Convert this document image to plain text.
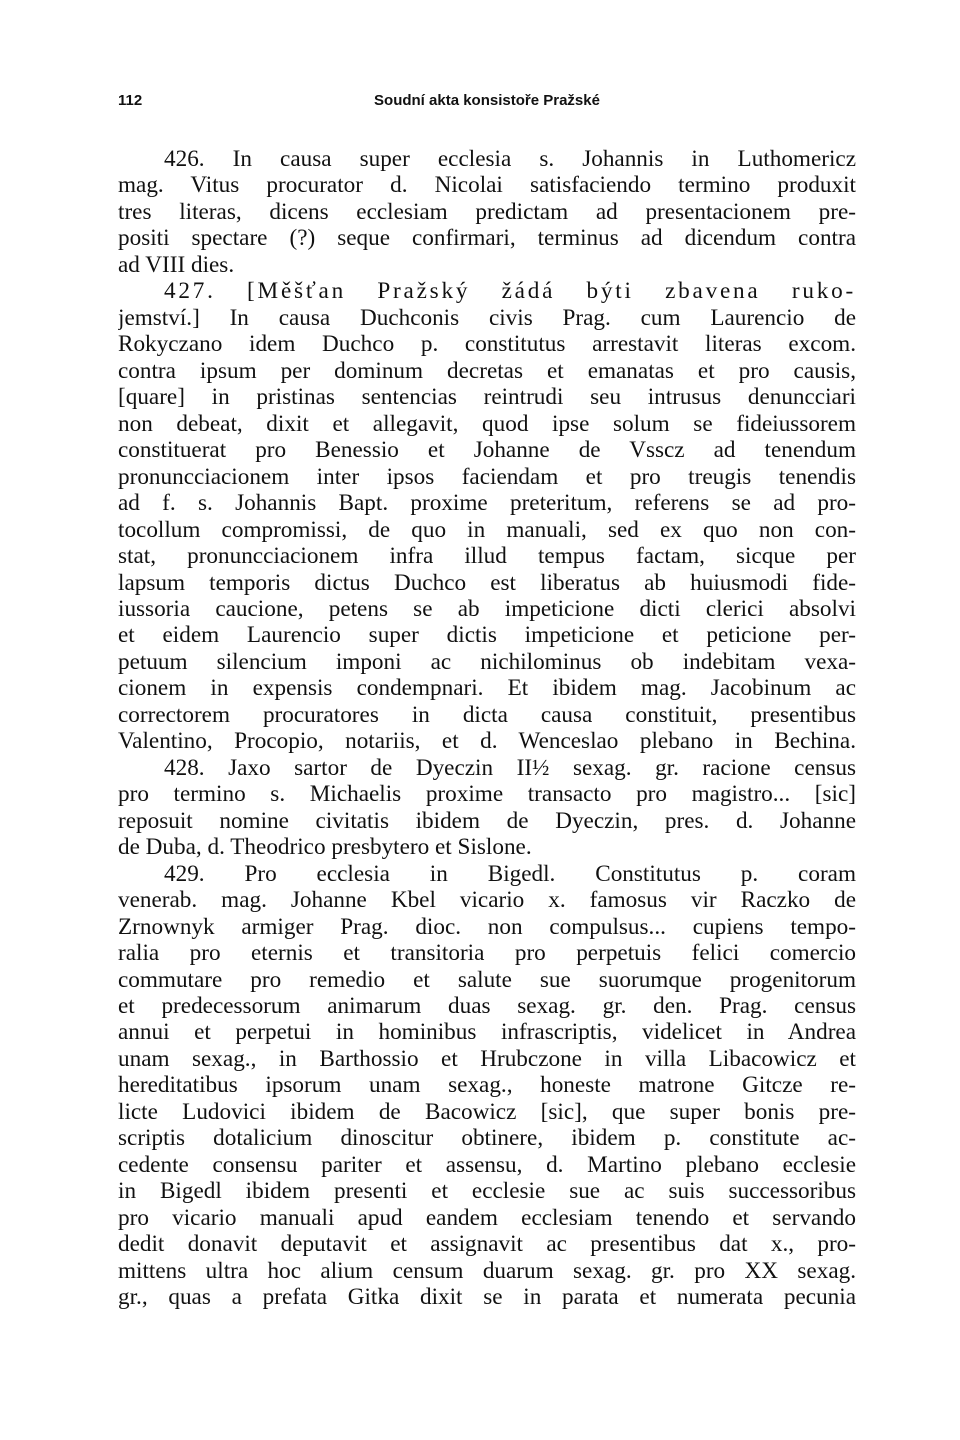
112	Soudní akta konsistoře Pražské
426. In causa super ecclesia s. Johannis in Luthomericz
mag. Vitus procurator d. Nicolai satisfaciendo termino produxit
tres literas, dicens ecclesiam predictam ad presentacionem pre-
positi spectare (?) seque confirmari, terminus ad dicendum contra
ad VIII dies.
427. [Měšťan Pražský žádá býti zbavena ruko-
jemství.] In causa Duchconis civis Prag. cum Laurencio de
Rokyczano idem Duchco p. constitutus arrestavit literas excom.
contra ipsum per dominum decretas et emanatas et pro causis,
[quare] in pristinas sentencias reintrudi seu intrusus denuncciari
non debeat, dixit et allegavit, quod ipse solum se fideiussorem
constituerat pro Benessio et Johanne de Vsscz ad tenendum
pronuncciacionem inter ipsos faciendam et pro treugis tenendis
ad f. s. Johannis Bapt. proxime preteritum, referens se ad pro-
tocollum compromissi, de quo in manuali, sed ex quo non con-
stat, pronuncciacionem infra illud tempus factam, sicque per
lapsum temporis dictus Duchco est liberatus ab huiusmodi fide-
iussoria caucione, petens se ab impeticione dicti clerici absolvi
et eidem Laurencio super dictis impeticione et peticione per-
petuum silencium imponi ac nichilominus ob indebitam vexa-
cionem in expensis condempnari. Et ibidem mag. Jacobinum ac
correctorem procuratores in dicta causa constituit, presentibus
Valentino, Procopio, notariis, et d. Wenceslao plebano in Bechina.
428. Jaxo sartor de Dyeczin II½ sexag. gr. racione census
pro termino s. Michaelis proxime transacto pro magistro... [sic]
reposuit nomine civitatis ibidem de Dyeczin, pres. d. Johanne
de Duba, d. Theodrico presbytero et Sislone.
429. Pro ecclesia in Bigedl. Constitutus p. coram
venerab. mag. Johanne Kbel vicario x. famosus vir Raczko de
Zrnownyk armiger Prag. dioc. non compulsus... cupiens tempo-
ralia pro eternis et transitoria pro perpetuis felici comercio
commutare pro remedio et salute sue suorumque progenitorum
et predecessorum animarum duas sexag. gr. den. Prag. census
annui et perpetui in hominibus infrascriptis, videlicet in Andrea
unam sexag., in Barthossio et Hrubczone in villa Libacowicz et
hereditatibus ipsorum unam sexag., honeste matrone Gitcze re-
licte Ludovici ibidem de Bacowicz [sic], que super bonis pre-
scriptis dotalicium dinoscitur obtinere, ibidem p. constitute ac-
cedente consensu pariter et assensu, d. Martino plebano ecclesie
in Bigedl ibidem presenti et ecclesie sue ac suis successoribus
pro vicario manuali apud eandem ecclesiam tenendo et servando
dedit donavit deputavit et assignavit ac presentibus dat x., pro-
mittens ultra hoc alium censum duarum sexag. gr. pro XX sexag.
gr., quas a prefata Gitka dixit se in parata et numerata pecunia
